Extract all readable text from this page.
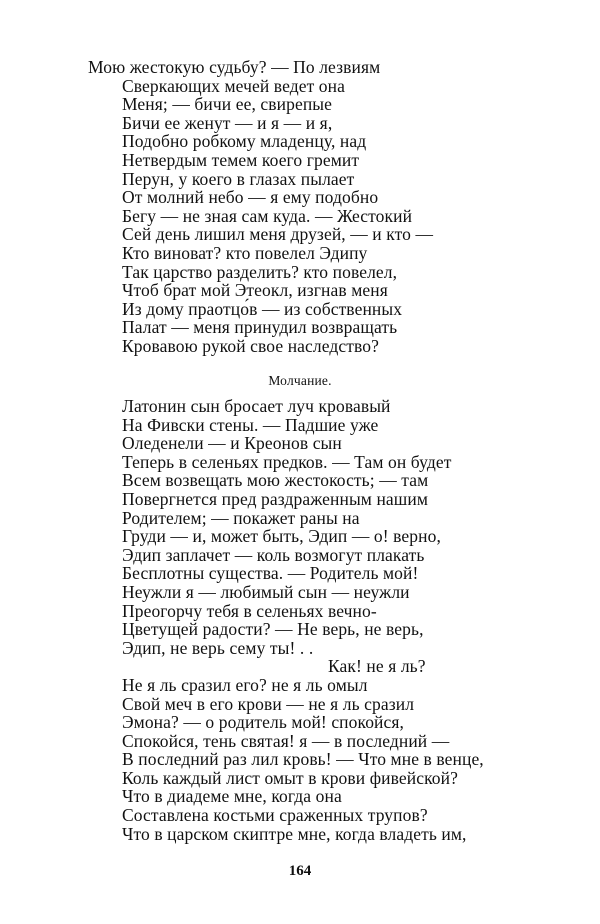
Мою жестокую судьбу? — По лезвиям
Сверкающих мечей ведет она
Меня; — бичи ее, свирепые
Бичи ее женут — и я — и я,
Подобно робкому младенцу, над
Нетвердым темем коего гремит
Перун, у коего в глазах пылает
От молний небо — я ему подобно
Бегу — не зная сам куда. — Жестокий
Сей день лишил меня друзей, — и кто —
Кто виноват? кто повелел Эдипу
Так царство разделить? кто повелел,
Чтоб брат мой Этеокл, изгнав меня
Из дому праотцо́в — из собственных
Палат — меня принудил возвращать
Кровавою рукой свое наследство?
Молчание.
Латонин сын бросает луч кровавый
На Фивски стены. — Падшие уже
Оледенели — и Креонов сын
Теперь в селеньях предков. — Там он будет
Всем возвещать мою жестокость; — там
Повергнется пред раздраженным нашим
Родителем; — покажет раны на
Груди — и, может быть, Эдип — о! верно,
Эдип заплачет — коль возмогут плакать
Бесплотны существа. — Родитель мой!
Неужли я — любимый сын — неужли
Преогорчу тебя в селеньях вечно-
Цветущей радости? — Не верь, не верь,
Эдип, не верь сему ты! . .
Как! не я ль?
Не я ль сразил его? не я ль омыл
Свой меч в его крови — не я ль сразил
Эмона? — о родитель мой! спокойся,
Спокойся, тень святая! я — в последний —
В последний раз лил кровь! — Что мне в венце,
Коль каждый лист омыт в крови фивейской?
Что в диадеме мне, когда она
Составлена костьми сраженных трупов?
Что в царском скиптре мне, когда владеть им,
164
